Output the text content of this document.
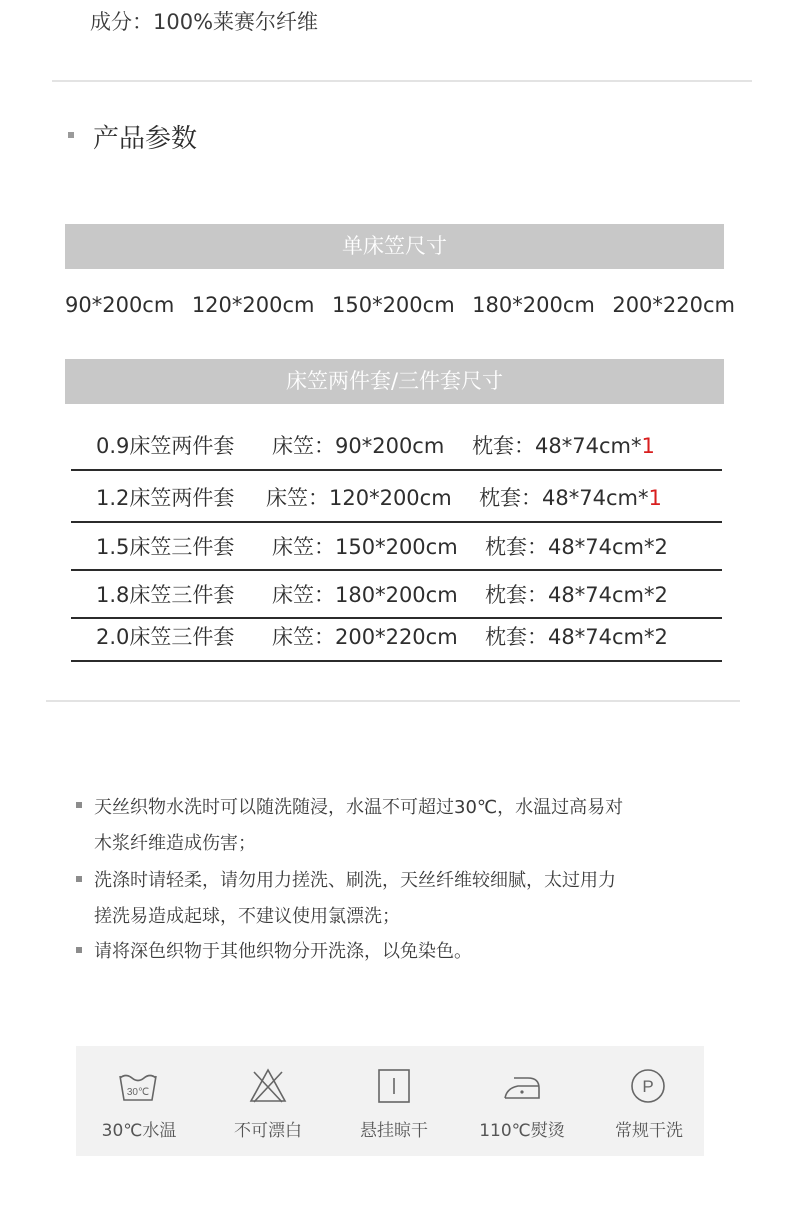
成分：100%莱赛尔纤维
产品参数
单床笠尺寸
90*200cm 120*200cm 150*200cm 180*200cm 200*220cm
床笠两件套/三件套尺寸
0.9床笠两件套 床笠：90*200cm 枕套：48*74cm*1
1.2床笠两件套 床笠：120*200cm 枕套：48*74cm*1
1.5床笠三件套 床笠：150*200cm 枕套：48*74cm*2
1.8床笠三件套 床笠：180*200cm 枕套：48*74cm*2
2.0床笠三件套 床笠：200*220cm 枕套：48*74cm*2
天丝织物水洗时可以随洗随浸，水温不可超过30℃，水温过高易对
木浆纤维造成伤害；
洗涤时请轻柔，请勿用力搓洗、刷洗，天丝纤维较细腻，太过用力
搓洗易造成起球，不建议使用氯漂洗；
请将深色织物于其他织物分开洗涤，以免染色。
30℃
30℃水温	不可漂白	悬挂晾干	110℃熨烫
P
常规干洗
